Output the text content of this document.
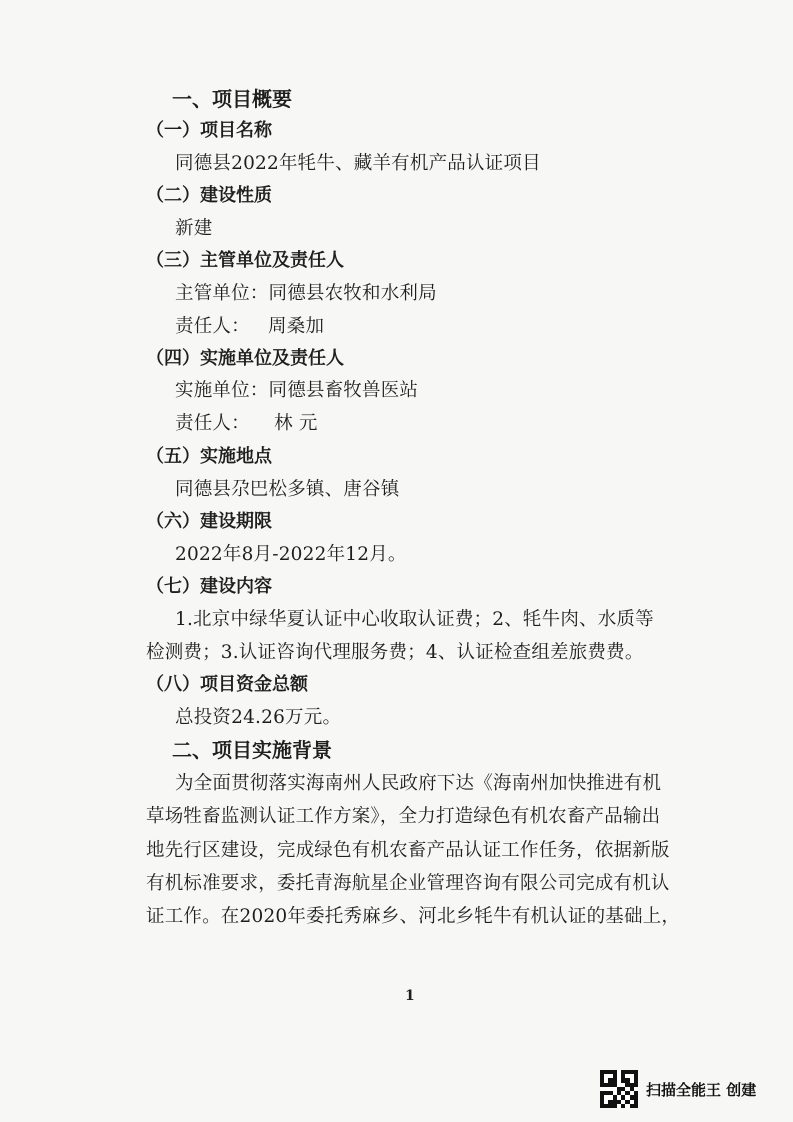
一、项目概要
（一）项目名称
同德县2022年牦牛、藏羊有机产品认证项目
（二）建设性质
新建
（三）主管单位及责任人
主管单位：同德县农牧和水利局
责任人：   周桑加
（四）实施单位及责任人
实施单位：同德县畜牧兽医站
责任人：    林 元
（五）实施地点
同德县尕巴松多镇、唐谷镇
（六）建设期限
2022年8月-2022年12月。
（七）建设内容
1.北京中绿华夏认证中心收取认证费；2、牦牛肉、水质等
检测费；3.认证咨询代理服务费；4、认证检查组差旅费费。
（八）项目资金总额
总投资24.26万元。
二、项目实施背景
为全面贯彻落实海南州人民政府下达《海南州加快推进有机
草场牲畜监测认证工作方案》，全力打造绿色有机农畜产品输出
地先行区建设，完成绿色有机农畜产品认证工作任务，依据新版
有机标准要求，委托青海航星企业管理咨询有限公司完成有机认
证工作。在2020年委托秀麻乡、河北乡牦牛有机认证的基础上，
1
扫描全能王 创建
